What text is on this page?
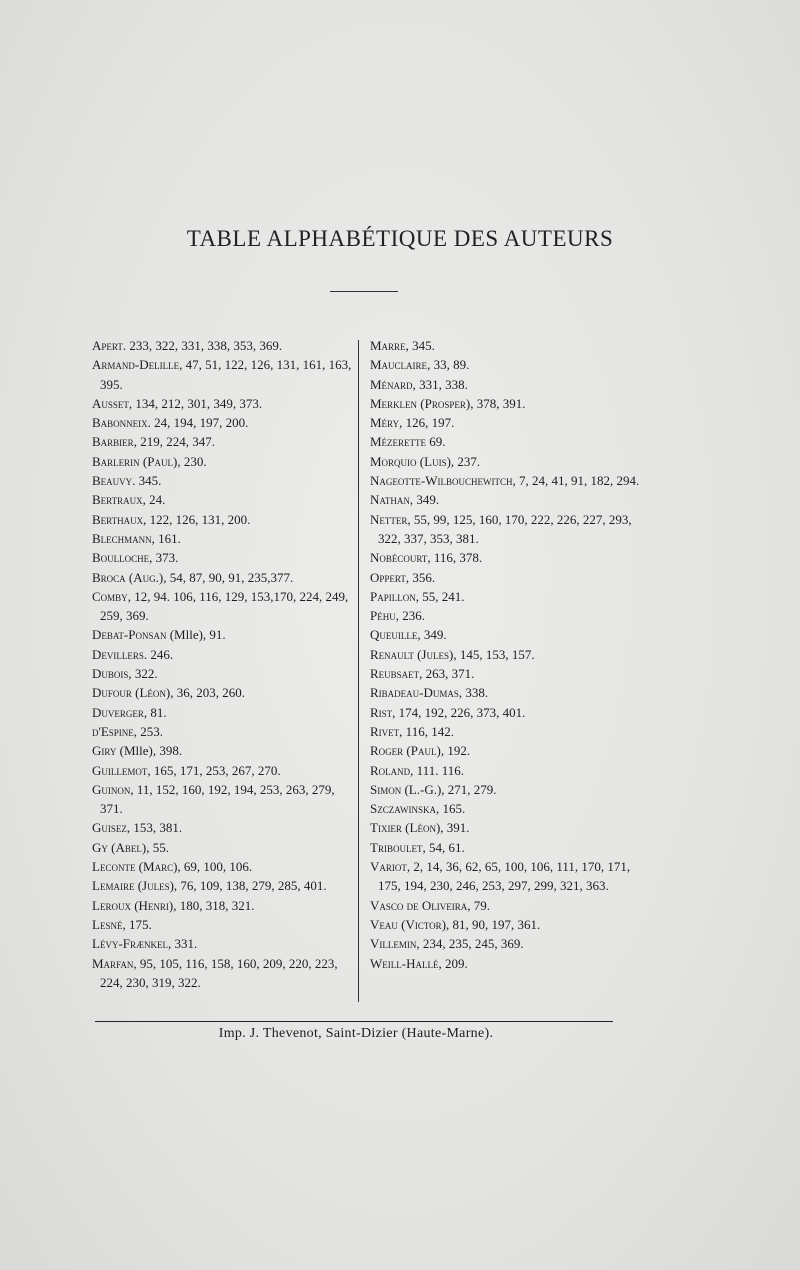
TABLE ALPHABÉTIQUE DES AUTEURS
Apert. 233, 322, 331, 338, 353, 369.
Armand-Delille, 47, 51, 122, 126, 131, 161, 163, 395.
Ausset, 134, 212, 301, 349, 373.
Babonneix. 24, 194, 197, 200.
Barbier, 219, 224, 347.
Barlerin (Paul), 230.
Beauvy. 345.
Bertraux, 24.
Berthaux, 122, 126, 131, 200.
Blechmann, 161.
Boulloche, 373.
Broca (Aug.), 54, 87, 90, 91, 235,377.
Comby, 12, 94. 106, 116, 129, 153,170, 224, 249, 259, 369.
Debat-Ponsan (Mlle), 91.
Devillers. 246.
Dubois, 322.
Dufour (Léon), 36, 203, 260.
Duverger, 81.
d'Espine, 253.
Giry (Mlle), 398.
Guillemot, 165, 171, 253, 267, 270.
Guinon, 11, 152, 160, 192, 194, 253, 263, 279, 371.
Guisez, 153, 381.
Gy (Abel), 55.
Leconte (Marc), 69, 100, 106.
Lemaire (Jules), 76, 109, 138, 279, 285, 401.
Leroux (Henri), 180, 318, 321.
Lesné, 175.
Lévy-Frænkel, 331.
Marfan, 95, 105, 116, 158, 160, 209, 220, 223, 224, 230, 319, 322.
Marre, 345.
Mauclaire, 33, 89.
Ménard, 331, 338.
Merklen (Prosper), 378, 391.
Méry, 126, 197.
Mézerette 69.
Morquio (Luis), 237.
Nageotte-Wilbouchewitch, 7, 24, 41, 91, 182, 294.
Nathan, 349.
Netter, 55, 99, 125, 160, 170, 222, 226, 227, 293, 322, 337, 353, 381.
Nobécourt, 116, 378.
Oppert, 356.
Papillon, 55, 241.
Péhu, 236.
Queuille, 349.
Renault (Jules), 145, 153, 157.
Reubsaet, 263, 371.
Ribadeau-Dumas, 338.
Rist, 174, 192, 226, 373, 401.
Rivet, 116, 142.
Roger (Paul), 192.
Roland, 111. 116.
Simon (L.-G.), 271, 279.
Szczawinska, 165.
Tixier (Léon), 391.
Triboulet, 54, 61.
Variot, 2, 14, 36, 62, 65, 100, 106, 111, 170, 171, 175, 194, 230, 246, 253, 297, 299, 321, 363.
Vasco de Oliveira, 79.
Veau (Victor), 81, 90, 197, 361.
Villemin, 234, 235, 245, 369.
Weill-Hallé, 209.
Imp. J. Thevenot, Saint-Dizier (Haute-Marne).
